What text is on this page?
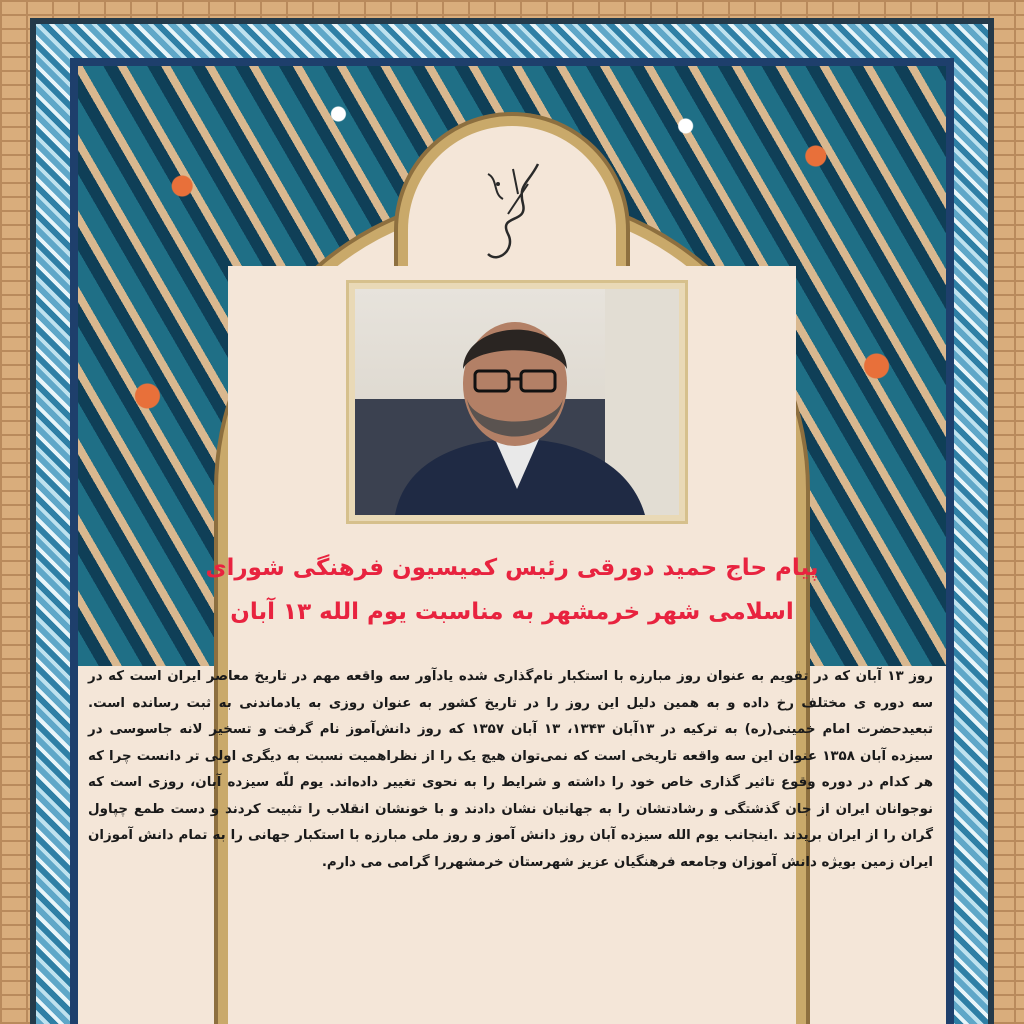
پیام حاج حمید دورقی رئیس کمیسیون فرهنگی شورای
اسلامی شهر خرمشهر به مناسبت یوم الله ۱۳ آبان
روز ۱۳ آبان که در تقویم به عنوان روز مبارزه با استکبار نام‌گذاری شده یادآور سه واقعه مهم در تاریخ معاصر ایران است که در سه دوره ی مختلف رخ داده و به همین دلیل این روز را در تاریخ کشور به عنوان روزی به یادماندنی به ثبت رسانده است. تبعیدحضرت امام خمینی(ره) به ترکیه در ۱۳آبان ۱۳۴۳، ۱۳ آبان ۱۳۵۷ که روز دانش‌آموز نام گرفت و تسخیر لانه جاسوسی در سیزده آبان ۱۳۵۸ عنوان این سه واقعه تاریخی است که نمی‌توان هیچ یک را از نظراهمیت نسبت به دیگری اولی تر دانست چرا که هر کدام در دوره وقوع تاثیر گذاری خاص خود را داشته و شرایط را به نحوی تغییر داده‌اند. یوم للّه سیزده آبان، روزی است که نوجوانان ایران از جان گذشتگی و رشادتشان را به جهانیان نشان دادند و با خونشان انقلاب را تثبیت کردند و دست طمع چپاول گران را از ایران بریدند .اینجانب یوم الله سیزده آبان روز دانش آموز و روز ملی مبارزه با استکبار جهانی را به تمام دانش آموزان ایران زمین بویژه دانش آموزان وجامعه فرهنگیان عزیز شهرستان خرمشهررا گرامی می دارم.
